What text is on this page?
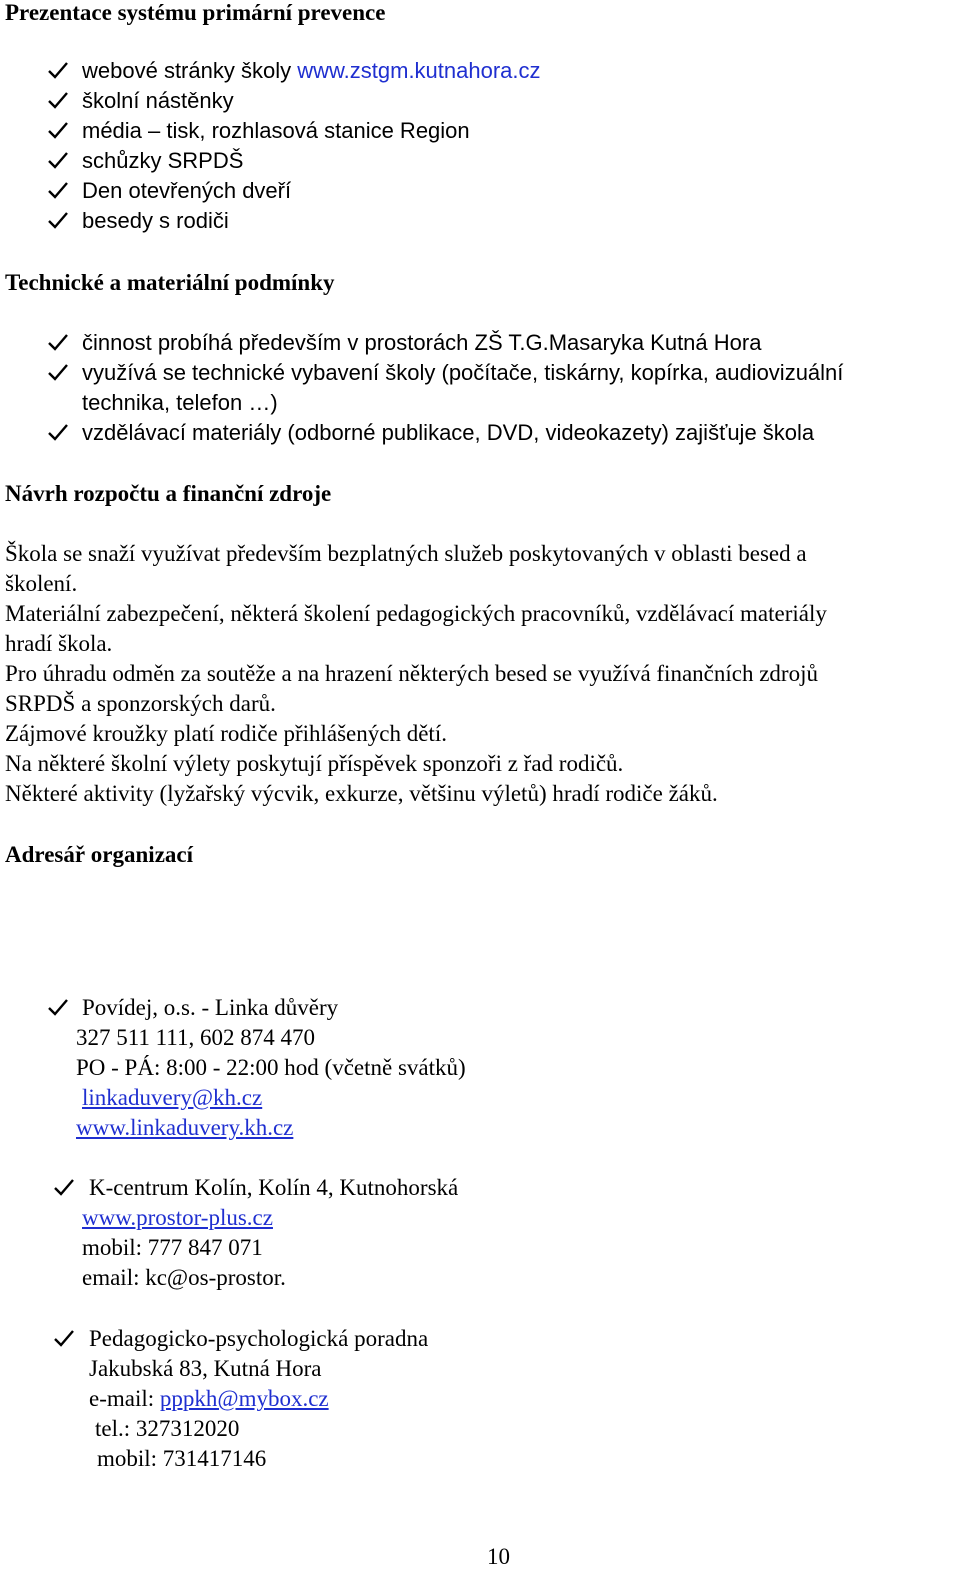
Prezentace systému primární prevence
webové stránky školy www.zstgm.kutnahora.cz
školní nástěnky
média – tisk, rozhlasová stanice Region
schůzky SRPDŠ
Den otevřených dveří
besedy s rodiči
Technické a materiální podmínky
činnost probíhá především v prostorách ZŠ T.G.Masaryka Kutná Hora
využívá se technické vybavení školy (počítače, tiskárny, kopírka, audiovizuální
technika, telefon …)
vzdělávací materiály (odborné publikace, DVD, videokazety) zajišťuje škola
Návrh rozpočtu a finanční zdroje
Škola se snaží využívat především bezplatných služeb poskytovaných v oblasti besed a
školení.
Materiální zabezpečení, některá školení pedagogických pracovníků, vzdělávací materiály
hradí škola.
Pro úhradu odměn za soutěže a na hrazení některých besed se využívá finančních zdrojů
SRPDŠ a sponzorských darů.
Zájmové kroužky platí rodiče přihlášených dětí.
Na některé školní výlety poskytují příspěvek sponzoři z řad rodičů.
Některé aktivity (lyžařský výcvik, exkurze, většinu výletů) hradí rodiče žáků.
Adresář organizací
Povídej, o.s. - Linka důvěry
327 511 111, 602 874 470
PO - PÁ: 8:00 - 22:00 hod (včetně svátků)
linkaduvery@kh.cz
www.linkaduvery.kh.cz
K-centrum Kolín, Kolín 4, Kutnohorská
www.prostor-plus.cz
mobil: 777 847 071
email: kc@os-prostor.
Pedagogicko-psychologická poradna
Jakubská 83, Kutná Hora
e-mail: pppkh@mybox.cz
tel.: 327312020
mobil: 731417146
10
